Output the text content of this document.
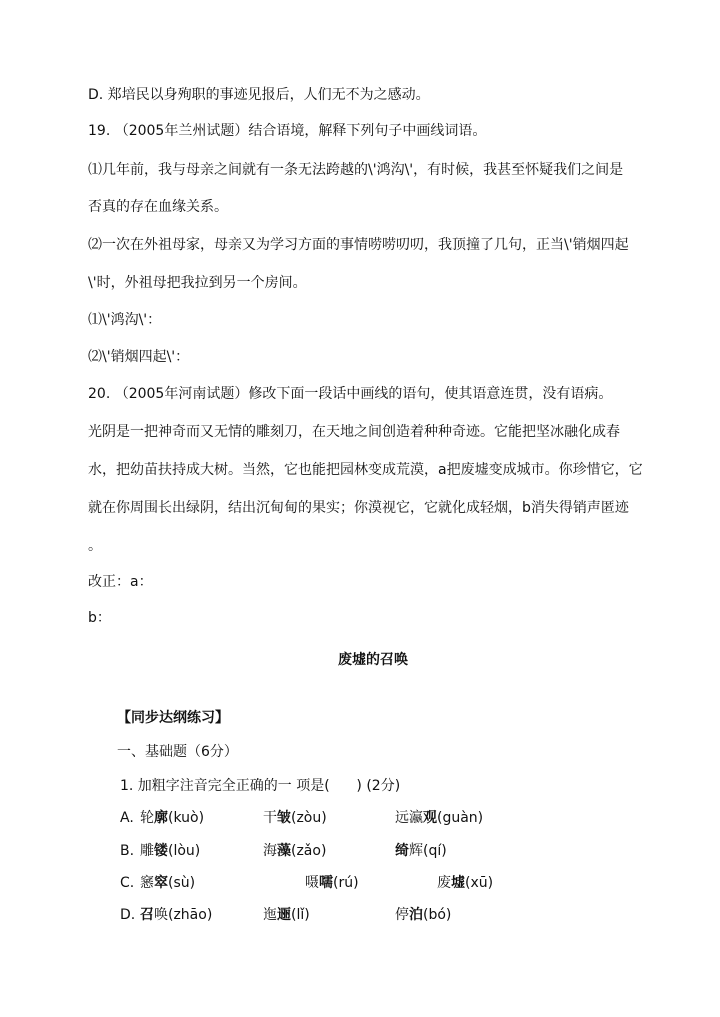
D. 郑培民以身殉职的事迹见报后，人们无不为之感动。
19. （2005年兰州试题）结合语境，解释下列句子中画线词语。
⑴几年前，我与母亲之间就有一条无法跨越的\'鸿沟\'，有时候，我甚至怀疑我们之间是
否真的存在血缘关系。
⑵一次在外祖母家，母亲又为学习方面的事情唠唠叨叨，我顶撞了几句，正当\'销烟四起
\'时，外祖母把我拉到另一个房间。
⑴\'鸿沟\'：
⑵\'销烟四起\'：
20. （2005年河南试题）修改下面一段话中画线的语句，使其语意连贯，没有语病。
光阴是一把神奇而又无情的雕刻刀，在天地之间创造着种种奇迹。它能把坚冰融化成春
水，把幼苗扶持成大树。当然，它也能把园林变成荒漠，a把废墟变成城市。你珍惜它，它
就在你周围长出绿阴，结出沉甸甸的果实；你漠视它，它就化成轻烟，b消失得销声匿迹
。
改正：a：
b：
废墟的召唤
【同步达纲练习】
一、基础题（6分）
1. 加粗字注音完全正确的一 项是(      ) (2分)
A. 轮廓(kuò)	干皱(zòu)	远瀛观(guàn)
B. 雕镂(lòu)	海藻(zǎo)	绮辉(qí)
C. 窸窣(sù)	嗫嚅(rú)	废墟(xū)
D. 召唤(zhāo)	迤逦(lǐ)	停泊(bó)
